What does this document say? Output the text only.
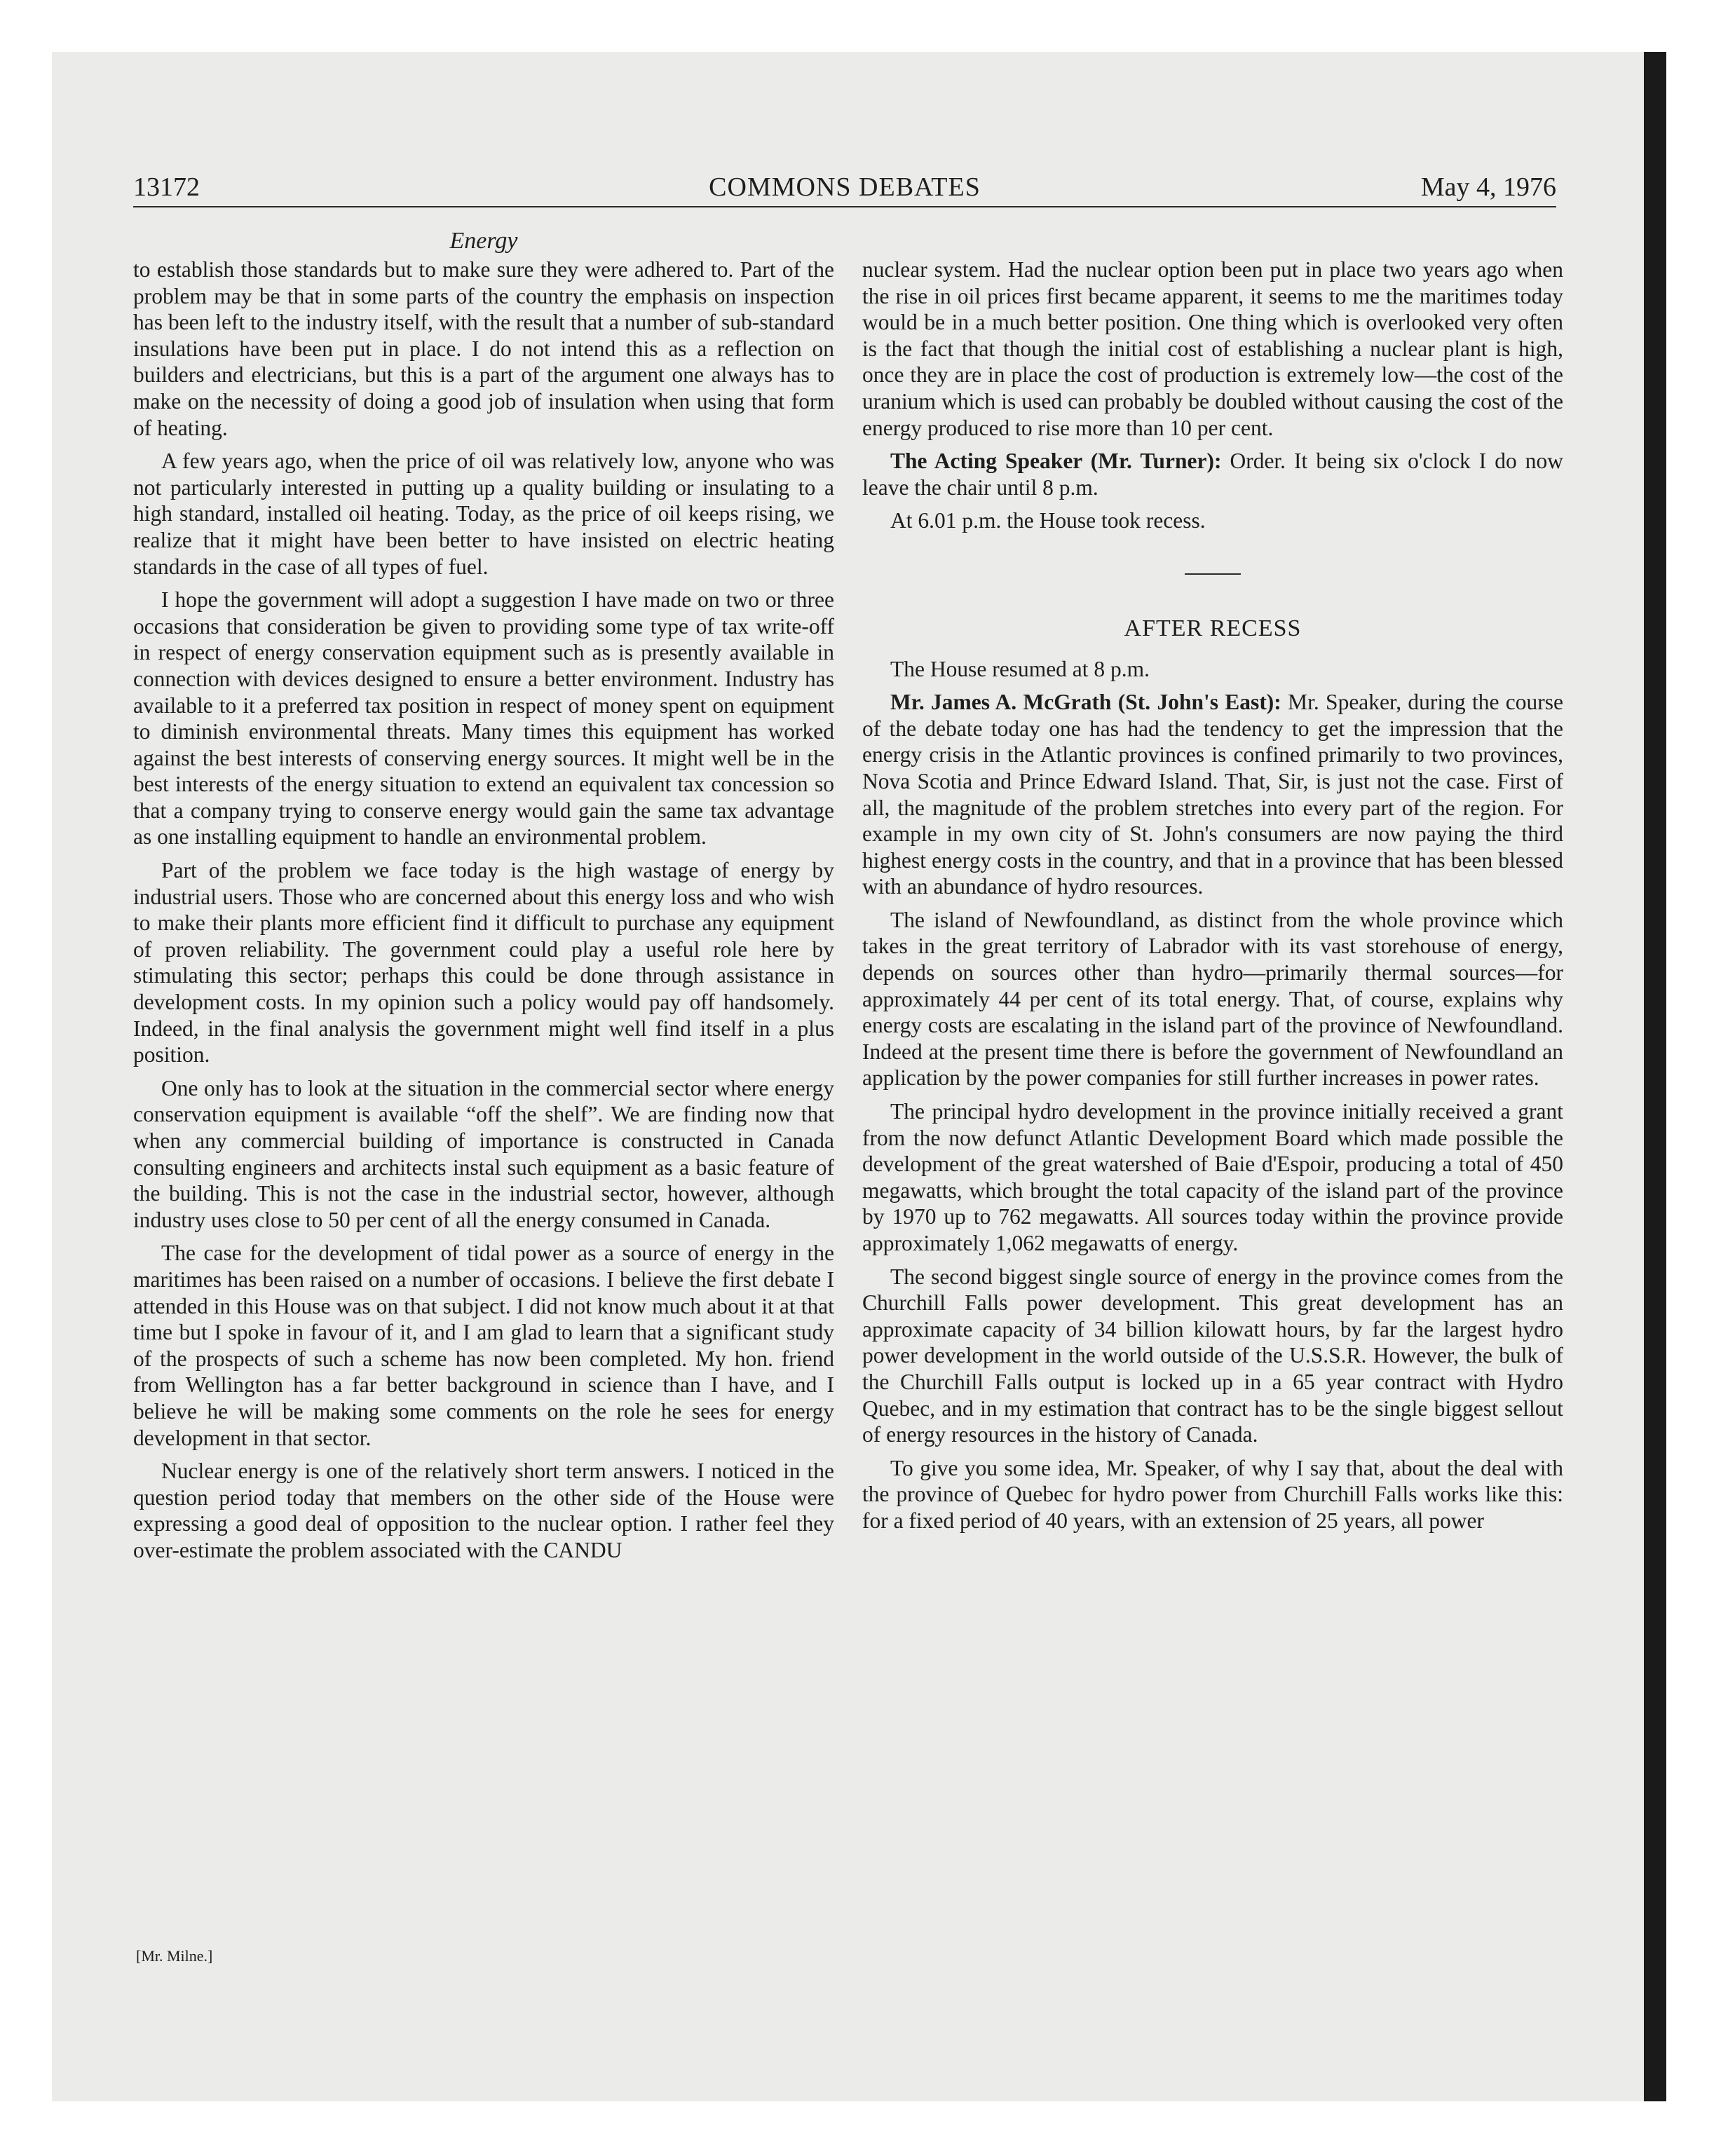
13172	COMMONS DEBATES	May 4, 1976
Energy

to establish those standards but to make sure they were adhered to. Part of the problem may be that in some parts of the country the emphasis on inspection has been left to the industry itself, with the result that a number of sub-standard insulations have been put in place. I do not intend this as a reflection on builders and electricians, but this is a part of the argument one always has to make on the necessity of doing a good job of insulation when using that form of heating.

A few years ago, when the price of oil was relatively low, anyone who was not particularly interested in putting up a quality building or insulating to a high standard, installed oil heating. Today, as the price of oil keeps rising, we realize that it might have been better to have insisted on electric heating standards in the case of all types of fuel.

I hope the government will adopt a suggestion I have made on two or three occasions that consideration be given to providing some type of tax write-off in respect of energy conservation equipment such as is presently available in connection with devices designed to ensure a better environment. Industry has available to it a preferred tax position in respect of money spent on equipment to diminish environmental threats. Many times this equipment has worked against the best interests of conserving energy sources. It might well be in the best interests of the energy situation to extend an equivalent tax concession so that a company trying to conserve energy would gain the same tax advantage as one installing equipment to handle an environmental problem.

Part of the problem we face today is the high wastage of energy by industrial users. Those who are concerned about this energy loss and who wish to make their plants more efficient find it difficult to purchase any equipment of proven reliability. The government could play a useful role here by stimulating this sector; perhaps this could be done through assistance in development costs. In my opinion such a policy would pay off handsomely. Indeed, in the final analysis the government might well find itself in a plus position.

One only has to look at the situation in the commercial sector where energy conservation equipment is available “off the shelf”. We are finding now that when any commercial building of importance is constructed in Canada consulting engineers and architects instal such equipment as a basic feature of the building. This is not the case in the industrial sector, however, although industry uses close to 50 per cent of all the energy consumed in Canada.

The case for the development of tidal power as a source of energy in the maritimes has been raised on a number of occasions. I believe the first debate I attended in this House was on that subject. I did not know much about it at that time but I spoke in favour of it, and I am glad to learn that a significant study of the prospects of such a scheme has now been completed. My hon. friend from Wellington has a far better background in science than I have, and I believe he will be making some comments on the role he sees for energy development in that sector.

Nuclear energy is one of the relatively short term answers. I noticed in the question period today that members on the other side of the House were expressing a good deal of opposition to the nuclear option. I rather feel they over-estimate the problem associated with the CANDU

[Mr. Milne.]

nuclear system. Had the nuclear option been put in place two years ago when the rise in oil prices first became apparent, it seems to me the maritimes today would be in a much better position. One thing which is overlooked very often is the fact that though the initial cost of establishing a nuclear plant is high, once they are in place the cost of production is extremely low—the cost of the uranium which is used can probably be doubled without causing the cost of the energy produced to rise more than 10 per cent.

The Acting Speaker (Mr. Turner): Order. It being six o'clock I do now leave the chair until 8 p.m.

At 6.01 p.m. the House took recess.

AFTER RECESS

The House resumed at 8 p.m.

Mr. James A. McGrath (St. John's East): Mr. Speaker, during the course of the debate today one has had the tendency to get the impression that the energy crisis in the Atlantic provinces is confined primarily to two provinces, Nova Scotia and Prince Edward Island. That, Sir, is just not the case. First of all, the magnitude of the problem stretches into every part of the region. For example in my own city of St. John's consumers are now paying the third highest energy costs in the country, and that in a province that has been blessed with an abundance of hydro resources.

The island of Newfoundland, as distinct from the whole province which takes in the great territory of Labrador with its vast storehouse of energy, depends on sources other than hydro—primarily thermal sources—for approximately 44 per cent of its total energy. That, of course, explains why energy costs are escalating in the island part of the province of Newfoundland. Indeed at the present time there is before the government of Newfoundland an application by the power companies for still further increases in power rates.

The principal hydro development in the province initially received a grant from the now defunct Atlantic Development Board which made possible the development of the great watershed of Baie d'Espoir, producing a total of 450 megawatts, which brought the total capacity of the island part of the province by 1970 up to 762 megawatts. All sources today within the province provide approximately 1,062 megawatts of energy.

The second biggest single source of energy in the province comes from the Churchill Falls power development. This great development has an approximate capacity of 34 billion kilowatt hours, by far the largest hydro power development in the world outside of the U.S.S.R. However, the bulk of the Churchill Falls output is locked up in a 65 year contract with Hydro Quebec, and in my estimation that contract has to be the single biggest sellout of energy resources in the history of Canada.

To give you some idea, Mr. Speaker, of why I say that, about the deal with the province of Quebec for hydro power from Churchill Falls works like this: for a fixed period of 40 years, with an extension of 25 years, all power
